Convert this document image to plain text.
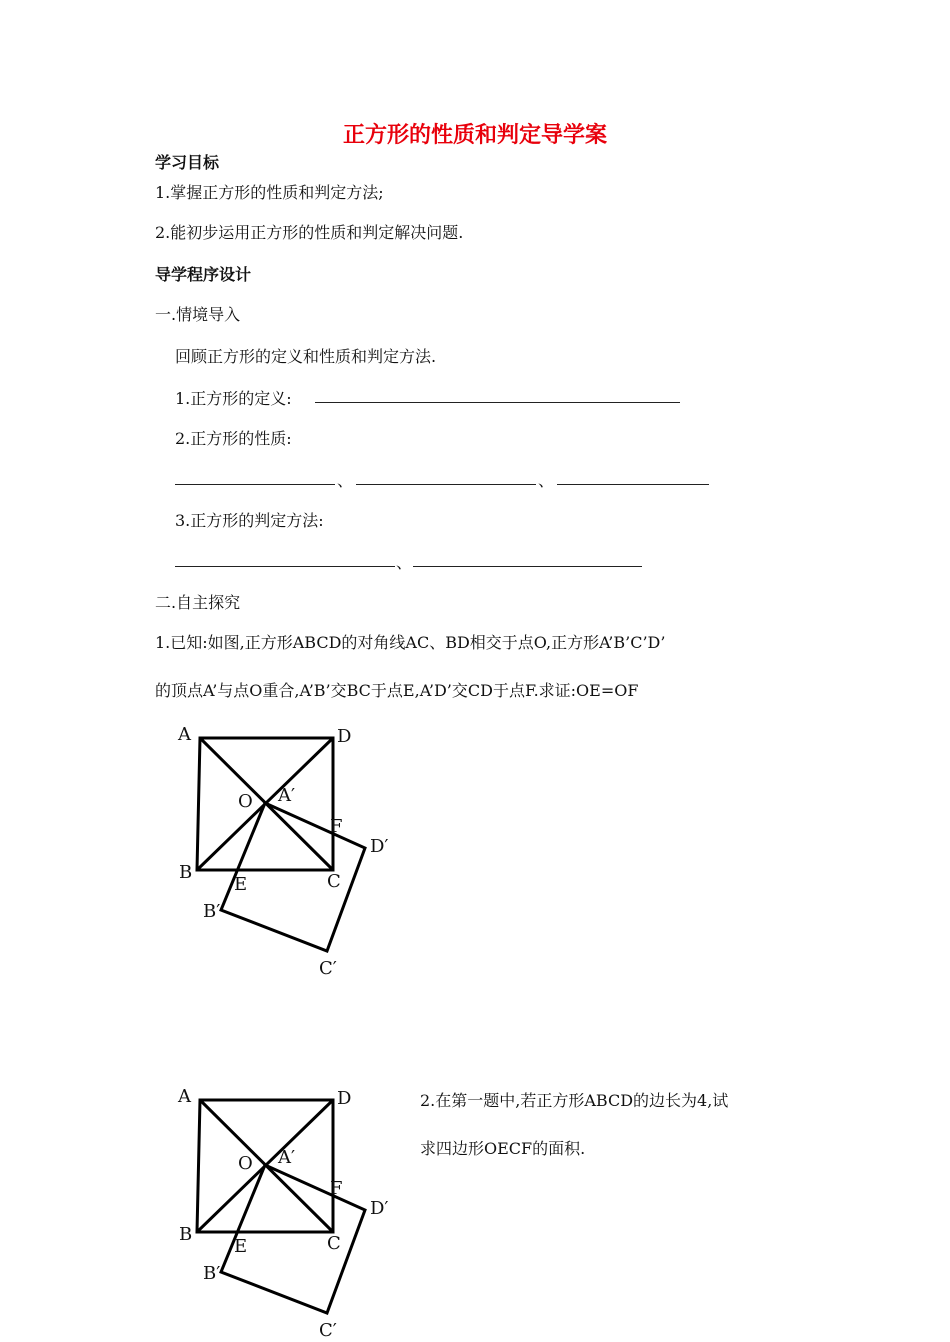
正方形的性质和判定导学案
学习目标
1.掌握正方形的性质和判定方法;
2.能初步运用正方形的性质和判定解决问题.
导学程序设计
一.情境导入
回顾正方形的定义和性质和判定方法.
1.正方形的定义:
2.正方形的性质:
、	、
3.正方形的判定方法:
、
二.自主探究
1.已知:如图,正方形ABCD的对角线AC、BD相交于点O,正方形A’B’C’D’
的顶点A’与点O重合,A’B’交BC于点E,A’D’交CD于点F.求证:OE=OF
A	D
B	C
O A′
F
D′
E
B′
C′
A	D
B	C
O A′
F
D′
E
B′
C′
2.在第一题中,若正方形ABCD的边长为4,试
求四边形OECF的面积.
